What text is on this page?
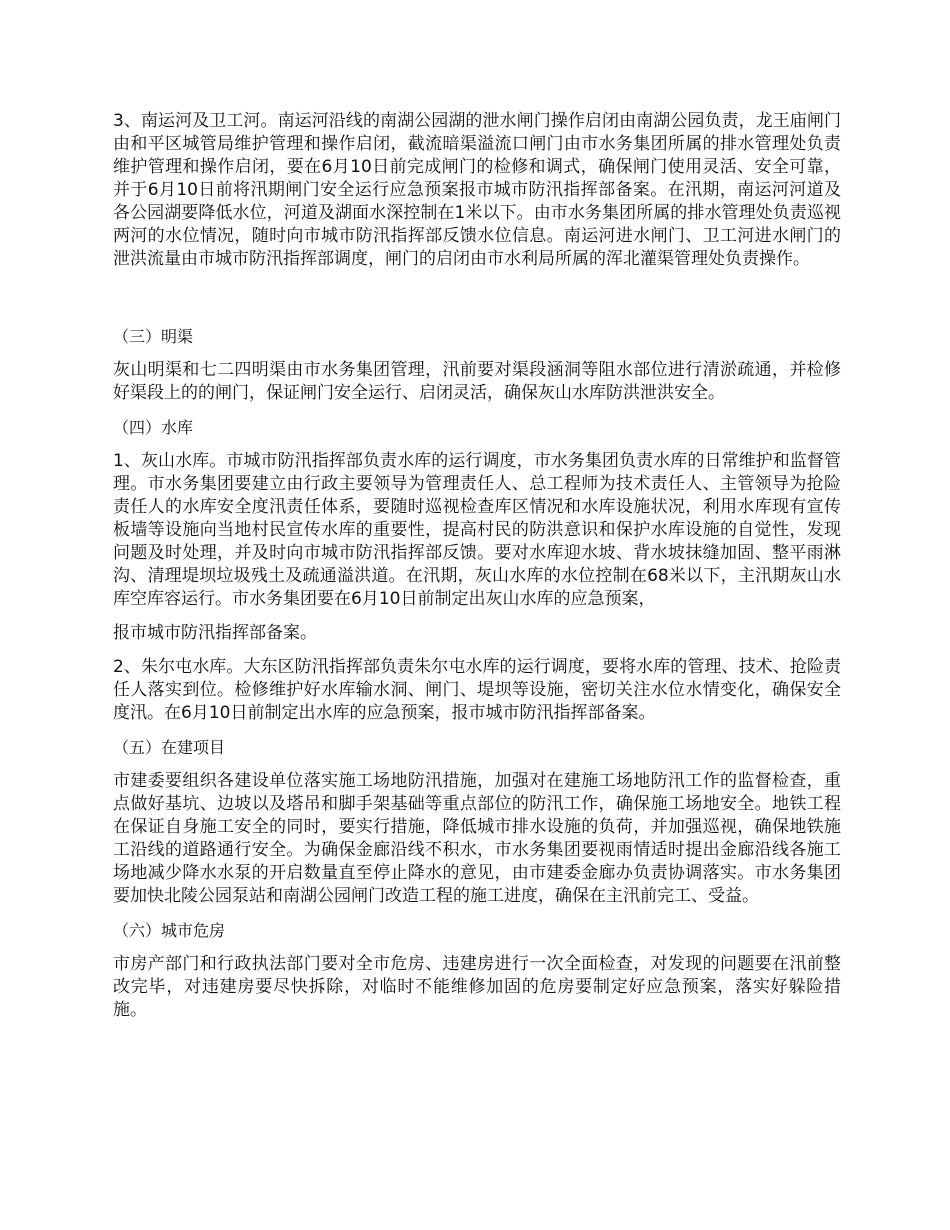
3、南运河及卫工河。南运河沿线的南湖公园湖的泄水闸门操作启闭由南湖公园负责，龙王庙闸门由和平区城管局维护管理和操作启闭，截流暗渠溢流口闸门由市水务集团所属的排水管理处负责维护管理和操作启闭，要在6月10日前完成闸门的检修和调式，确保闸门使用灵活、安全可靠，并于6月10日前将汛期闸门安全运行应急预案报市城市防汛指挥部备案。在汛期，南运河河道及各公园湖要降低水位，河道及湖面水深控制在1米以下。由市水务集团所属的排水管理处负责巡视两河的水位情况，随时向市城市防汛指挥部反馈水位信息。南运河进水闸门、卫工河进水闸门的泄洪流量由市城市防汛指挥部调度，闸门的启闭由市水利局所属的浑北灌渠管理处负责操作。

（三）明渠

灰山明渠和七二四明渠由市水务集团管理，汛前要对渠段涵洞等阻水部位进行清淤疏通，并检修好渠段上的的闸门，保证闸门安全运行、启闭灵活，确保灰山水库防洪泄洪安全。

（四）水库

1、灰山水库。市城市防汛指挥部负责水库的运行调度，市水务集团负责水库的日常维护和监督管理。市水务集团要建立由行政主要领导为管理责任人、总工程师为技术责任人、主管领导为抢险责任人的水库安全度汛责任体系，要随时巡视检查库区情况和水库设施状况，利用水库现有宣传板墙等设施向当地村民宣传水库的重要性，提高村民的防洪意识和保护水库设施的自觉性，发现问题及时处理，并及时向市城市防汛指挥部反馈。要对水库迎水坡、背水坡抹缝加固、整平雨淋沟、清理堤坝垃圾残土及疏通溢洪道。在汛期，灰山水库的水位控制在68米以下，主汛期灰山水库空库容运行。市水务集团要在6月10日前制定出灰山水库的应急预案，

报市城市防汛指挥部备案。

2、朱尔屯水库。大东区防汛指挥部负责朱尔屯水库的运行调度，要将水库的管理、技术、抢险责任人落实到位。检修维护好水库输水洞、闸门、堤坝等设施，密切关注水位水情变化，确保安全度汛。在6月10日前制定出水库的应急预案，报市城市防汛指挥部备案。

（五）在建项目

市建委要组织各建设单位落实施工场地防汛措施，加强对在建施工场地防汛工作的监督检查，重点做好基坑、边坡以及塔吊和脚手架基础等重点部位的防汛工作，确保施工场地安全。地铁工程在保证自身施工安全的同时，要实行措施，降低城市排水设施的负荷，并加强巡视，确保地铁施工沿线的道路通行安全。为确保金廊沿线不积水，市水务集团要视雨情适时提出金廊沿线各施工场地减少降水水泵的开启数量直至停止降水的意见，由市建委金廊办负责协调落实。市水务集团要加快北陵公园泵站和南湖公园闸门改造工程的施工进度，确保在主汛前完工、受益。

（六）城市危房

市房产部门和行政执法部门要对全市危房、违建房进行一次全面检查，对发现的问题要在汛前整改完毕，对违建房要尽快拆除，对临时不能维修加固的危房要制定好应急预案，落实好躲险措施。
